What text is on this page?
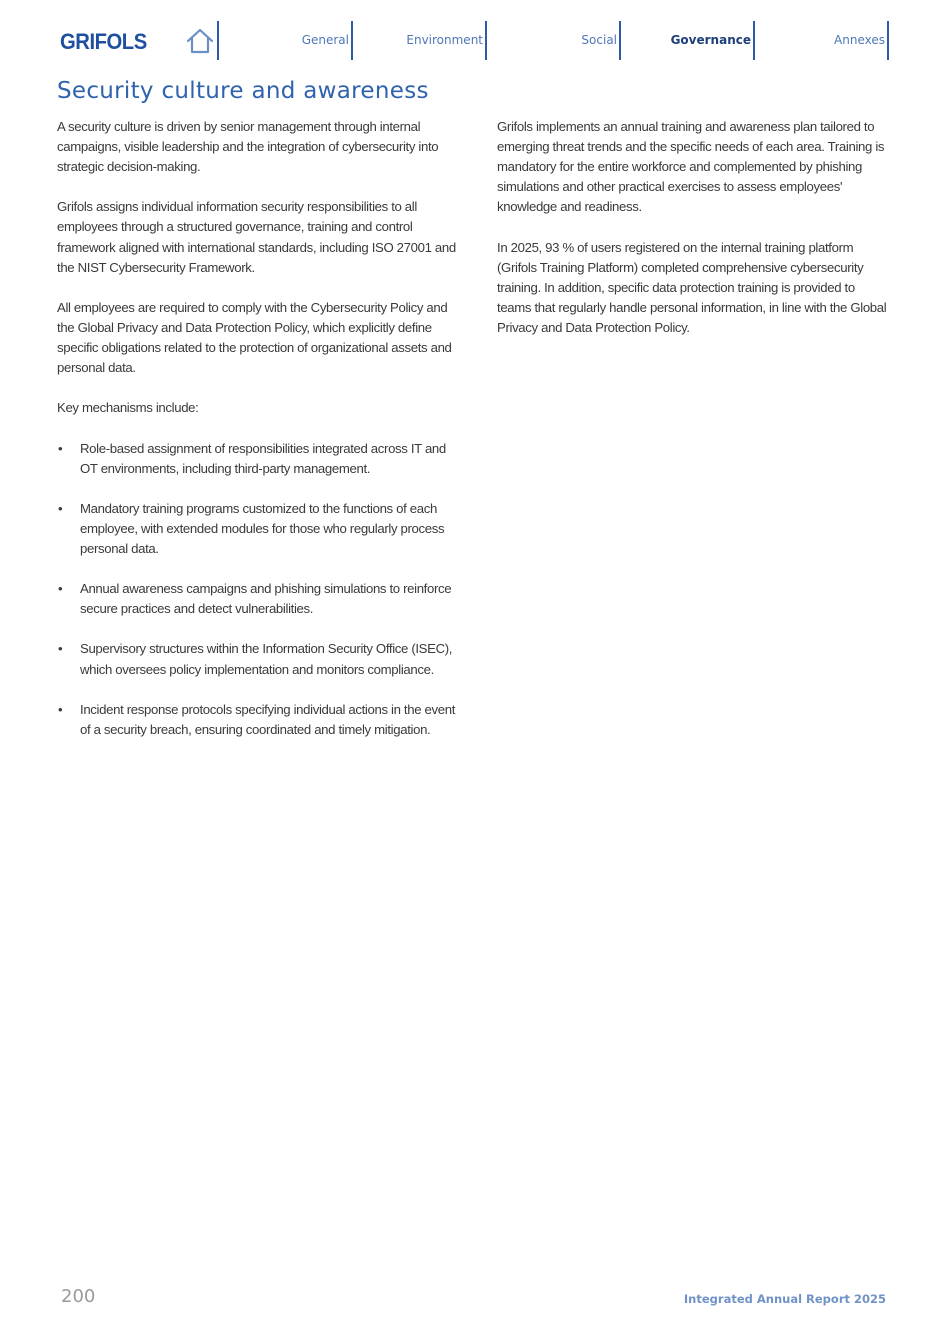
GRIFOLS	General	Environment	Social	Governance	Annexes
Security culture and awareness

A security culture is driven by senior management through internal campaigns, visible leadership and the integration of cybersecurity into strategic decision-making.

Grifols assigns individual information security responsibilities to all employees through a structured governance, training and control framework aligned with international standards, including ISO 27001 and the NIST Cybersecurity Framework.

All employees are required to comply with the Cybersecurity Policy and the Global Privacy and Data Protection Policy, which explicitly define specific obligations related to the protection of organizational assets and personal data.

Key mechanisms include:

• Role-based assignment of responsibilities integrated across IT and OT environments, including third-party management.
• Mandatory training programs customized to the functions of each employee, with extended modules for those who regularly process personal data.
• Annual awareness campaigns and phishing simulations to reinforce secure practices and detect vulnerabilities.
• Supervisory structures within the Information Security Office (ISEC), which oversees policy implementation and monitors compliance.
• Incident response protocols specifying individual actions in the event of a security breach, ensuring coordinated and timely mitigation.

Grifols implements an annual training and awareness plan tailored to emerging threat trends and the specific needs of each area. Training is mandatory for the entire workforce and complemented by phishing simulations and other practical exercises to assess employees' knowledge and readiness.

In 2025, 93 % of users registered on the internal training platform (Grifols Training Platform) completed comprehensive cybersecurity training. In addition, specific data protection training is provided to teams that regularly handle personal information, in line with the Global Privacy and Data Protection Policy.

200	Integrated Annual Report 2025
